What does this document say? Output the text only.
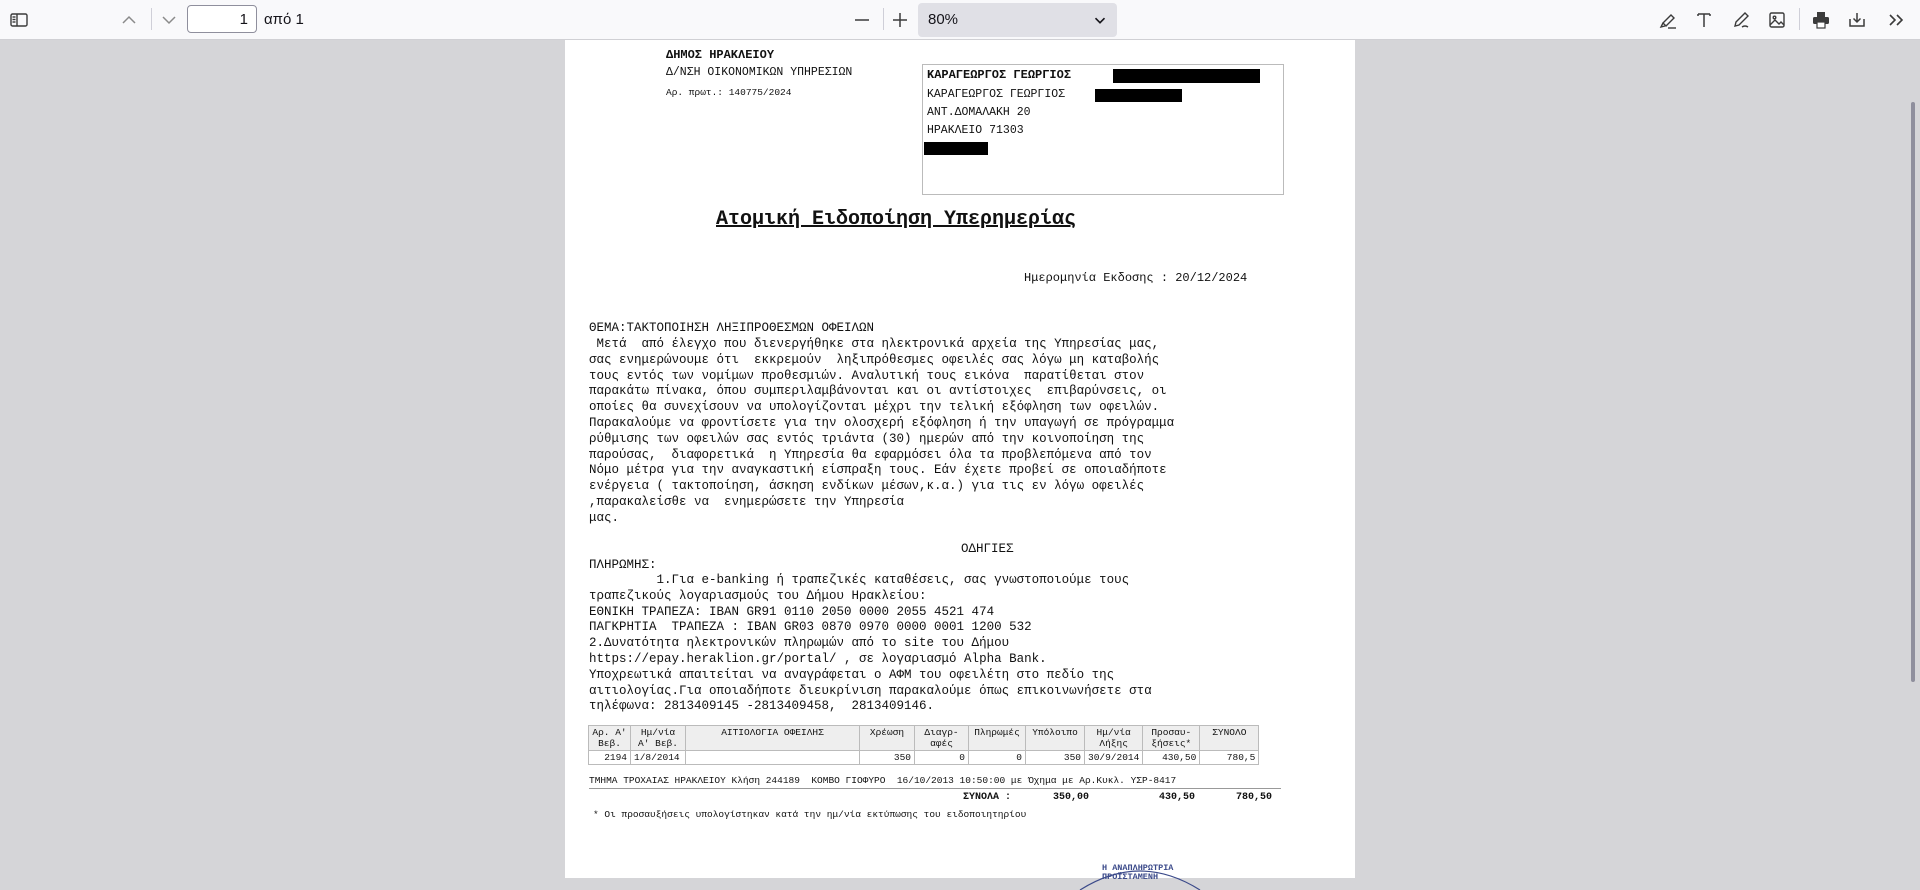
1
από 1	80%
ΔΗΜΟΣ ΗΡΑΚΛΕΙΟΥ
Δ/ΝΣΗ ΟΙΚΟΝΟΜΙΚΩΝ ΥΠΗΡΕΣΙΩΝ
Αρ. πρωτ.: 140775/2024
ΚΑΡΑΓΕΩΡΓΟΣ ΓΕΩΡΓΙΟΣ
ΚΑΡΑΓΕΩΡΓΟΣ ΓΕΩΡΓΙΟΣ
ΑΝΤ.ΔΟΜΑΛΑΚΗ 20
ΗΡΑΚΛΕΙΟ 71303
Ατομική Ειδοποίηση Υπερημερίας
Ημερομηνία Εκδοσης : 20/12/2024
ΘΕΜΑ:ΤΑΚΤΟΠΟΙΗΣΗ ΛΗΞΙΠΡΟΘΕΣΜΩΝ ΟΦΕΙΛΩΝ
Μετά  από έλεγχο που διενεργήθηκε στα ηλεκτρονικά αρχεία της Υπηρεσίας μας,
σας ενημερώνουμε ότι  εκκρεμούν  ληξιπρόθεσμες οφειλές σας λόγω μη καταβολής
τους εντός των νομίμων προθεσμιών. Αναλυτική τους εικόνα  παρατίθεται στον
παρακάτω πίνακα, όπου συμπεριλαμβάνονται και οι αντίστοιχες  επιβαρύνσεις, οι
οποίες θα συνεχίσουν να υπολογίζονται μέχρι την τελική εξόφληση των οφειλών.
Παρακαλούμε να φροντίσετε για την ολοσχερή εξόφληση ή την υπαγωγή σε πρόγραμμα
ρύθμισης των οφειλών σας εντός τριάντα (30) ημερών από την κοινοποίηση της
παρούσας,  διαφορετικά  η Υπηρεσία θα εφαρμόσει όλα τα προβλεπόμενα από τον
Νόμο μέτρα για την αναγκαστική είσπραξη τους. Εάν έχετε προβεί σε οποιαδήποτε
ενέργεια ( τακτοποίηση, άσκηση ενδίκων μέσων,κ.α.) για τις εν λόγω οφειλές
,παρακαλείσθε να  ενημερώσετε την Υπηρεσία
μας.
ΟΔΗΓΙΕΣ
ΠΛΗΡΩΜΗΣ:
1.Για e-banking ή τραπεζικές καταθέσεις, σας γνωστοποιούμε τους
τραπεζικούς λογαριασμούς του Δήμου Ηρακλείου:
ΕΘΝΙΚΗ ΤΡΑΠΕΖΑ: IBAN GR91 0110 2050 0000 2055 4521 474
ΠΑΓΚΡΗΤΙΑ  ΤΡΑΠΕΖΑ : IBAN GR03 0870 0970 0000 0001 1200 532
2.Δυνατότητα ηλεκτρονικών πληρωμών από το site του Δήμου
https://epay.heraklion.gr/portal/ , σε λογαριασμό Alpha Bank.
Υποχρεωτικά απαιτείται να αναγράφεται ο ΑΦΜ του οφειλέτη στο πεδίο της
αιτιολογίας.Για οποιαδήποτε διευκρίνιση παρακαλούμε όπως επικοινωνήσετε στα
τηλέφωνα: 2813409145 -2813409458,  2813409146.
Αρ. Α' Βεβ.	Ημ/νία Α' Βεβ.	ΑΙΤΙΟΛΟΓΙΑ ΟΦΕΙΛΗΣ	Χρέωση	Διαγρ-αφές	Πληρωμές	Υπόλοιπο	Ημ/νία Λήξης	Προσαυ-ξήσεις*	ΣΥΝΟΛΟ
2194	1/8/2014		350	0	0	350	30/9/2014	430,50	780,5
ΤΜΗΜΑ ΤΡΟΧΑΙΑΣ ΗΡΑΚΛΕΙΟΥ Κλήση 244189  ΚΟΜΒΟ ΓΙΟΦΥΡΟ  16/10/2013 10:50:00 με Όχημα με Αρ.Κυκλ. ΥΣΡ-8417
ΣΥΝΟΛΑ :	350,00	430,50	780,50
* Οι προσαυξήσεις υπολογίστηκαν κατά την ημ/νία εκτύπωσης του ειδοποιητηρίου
Η ΑΝΑΠΛΗΡΩΤΡΙΑ ΠΡΟΪΣΤΑΜΕΝΗ
